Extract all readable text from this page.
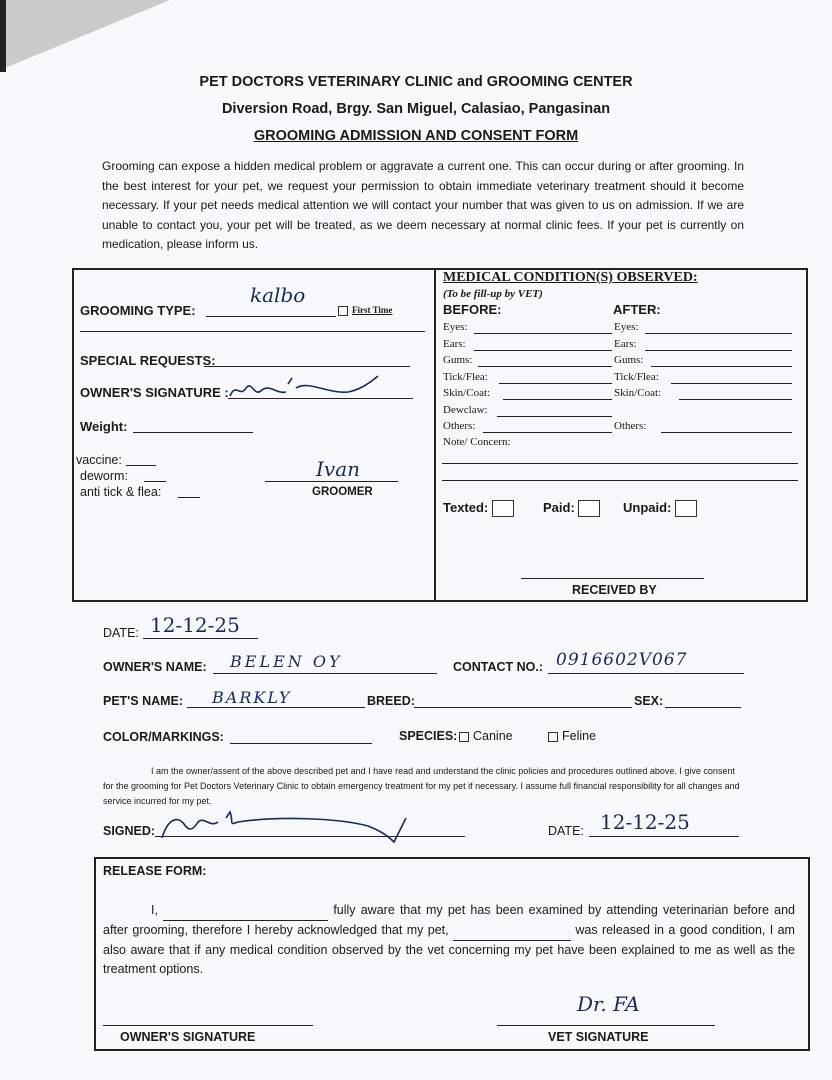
PET DOCTORS VETERINARY CLINIC and GROOMING CENTER
Diversion Road, Brgy. San Miguel, Calasiao, Pangasinan
GROOMING ADMISSION AND CONSENT FORM
Grooming can expose a hidden medical problem or aggravate a current one. This can occur during or after grooming. In the best interest for your pet, we request your permission to obtain immediate veterinary treatment should it become necessary. If your pet needs medical attention we will contact your number that was given to us on admission. If we are unable to contact you, your pet will be treated, as we deem necessary at normal clinic fees. If your pet is currently on medication, please inform us.
GROOMING TYPE:
kalbo
First Time
SPECIAL REQUESTS:
OWNER'S SIGNATURE :
Weight:
vaccine:
deworm:
anti tick & flea:
Ivan
GROOMER
MEDICAL CONDITION(S) OBSERVED:
(To be fill-up by VET)
BEFORE:	AFTER:
Eyes:	Eyes:
Ears:	Ears:
Gums:	Gums:
Tick/Flea:	Tick/Flea:
Skin/Coat:	Skin/Coat:
Dewclaw:
Others:	Others:
Note/ Concern:
Texted:	Paid:	Unpaid:
RECEIVED BY
DATE: 12-12-25
OWNER'S NAME: BELEN OY	CONTACT NO.: 0916602V067
PET'S NAME: BARKLY	BREED:	SEX:
COLOR/MARKINGS:	SPECIES:	Canine	Feline
I am the owner/assent of the above described pet and I have read and understand the clinic policies and procedures outlined above. I give consent for the grooming for Pet Doctors Veterinary Clinic to obtain emergency treatment for my pet if necessary. I assume full financial responsibility for all changes and service incurred for my pet.
SIGNED:	DATE: 12-12-25
RELEASE FORM:
I,	fully aware that my pet has been examined by attending veterinarian before and after grooming, therefore I hereby acknowledged that my pet,	was released in a good condition, I am also aware that if any medical condition observed by the vet concerning my pet have been explained to me as well as the treatment options.
OWNER'S SIGNATURE
Dr. FA
VET SIGNATURE
